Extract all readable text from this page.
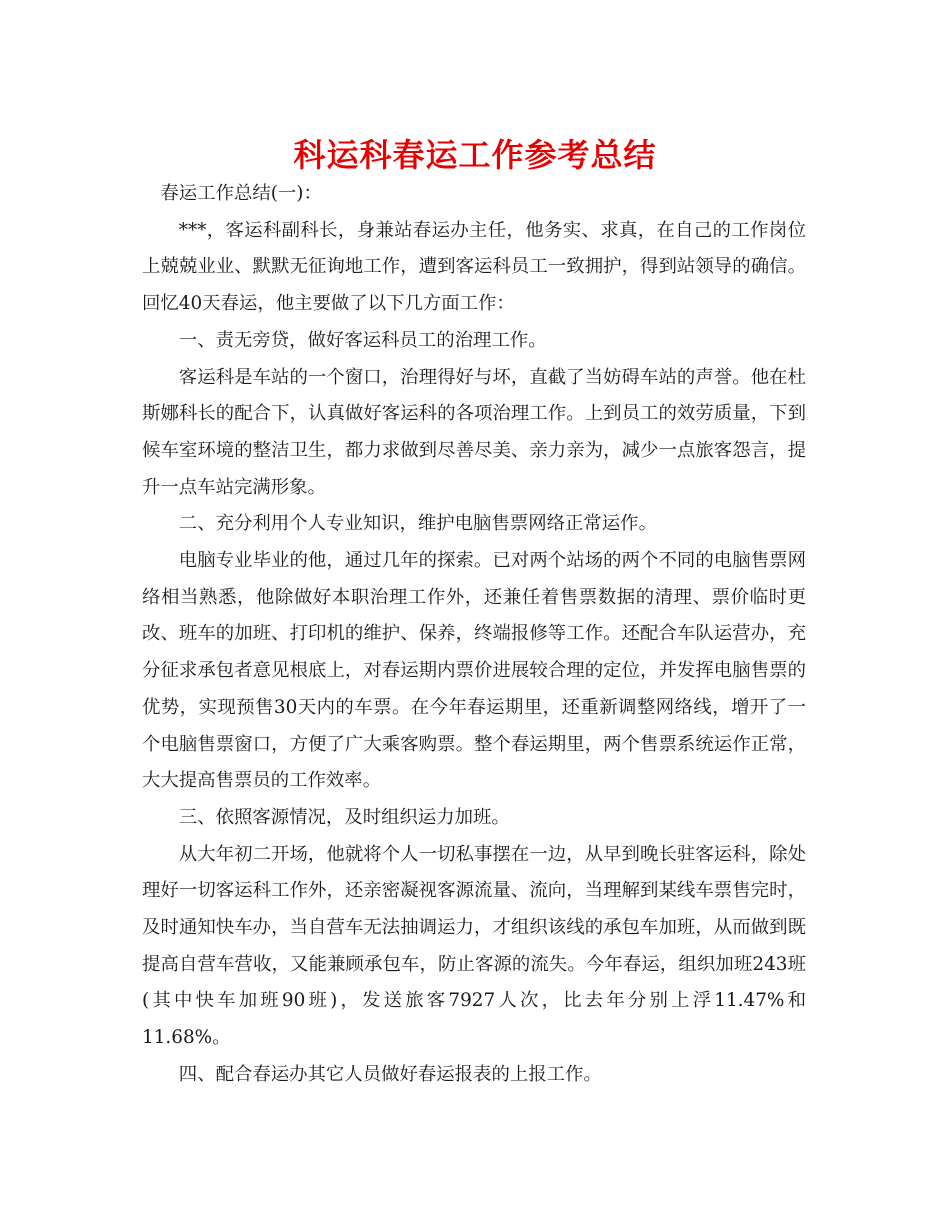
科运科春运工作参考总结

春运工作总结(一)：

***，客运科副科长，身兼站春运办主任，他务实、求真，在自己的工作岗位上兢兢业业、默默无征询地工作，遭到客运科员工一致拥护，得到站领导的确信。回忆40天春运，他主要做了以下几方面工作：

一、责无旁贷，做好客运科员工的治理工作。

客运科是车站的一个窗口，治理得好与坏，直截了当妨碍车站的声誉。他在杜斯娜科长的配合下，认真做好客运科的各项治理工作。上到员工的效劳质量，下到候车室环境的整洁卫生，都力求做到尽善尽美、亲力亲为，减少一点旅客怨言，提升一点车站完满形象。

二、充分利用个人专业知识，维护电脑售票网络正常运作。

电脑专业毕业的他，通过几年的探索。已对两个站场的两个不同的电脑售票网络相当熟悉，他除做好本职治理工作外，还兼任着售票数据的清理、票价临时更改、班车的加班、打印机的维护、保养，终端报修等工作。还配合车队运营办，充分征求承包者意见根底上，对春运期内票价进展较合理的定位，并发挥电脑售票的优势，实现预售30天内的车票。在今年春运期里，还重新调整网络线，增开了一个电脑售票窗口，方便了广大乘客购票。整个春运期里，两个售票系统运作正常，大大提高售票员的工作效率。

三、依照客源情况，及时组织运力加班。

从大年初二开场，他就将个人一切私事摆在一边，从早到晚长驻客运科，除处理好一切客运科工作外，还亲密凝视客源流量、流向，当理解到某线车票售完时，及时通知快车办，当自营车无法抽调运力，才组织该线的承包车加班，从而做到既提高自营车营收，又能兼顾承包车，防止客源的流失。今年春运，组织加班243班(其中快车加班90班)，发送旅客7927人次，比去年分别上浮11.47%和11.68%。

四、配合春运办其它人员做好春运报表的上报工作。
